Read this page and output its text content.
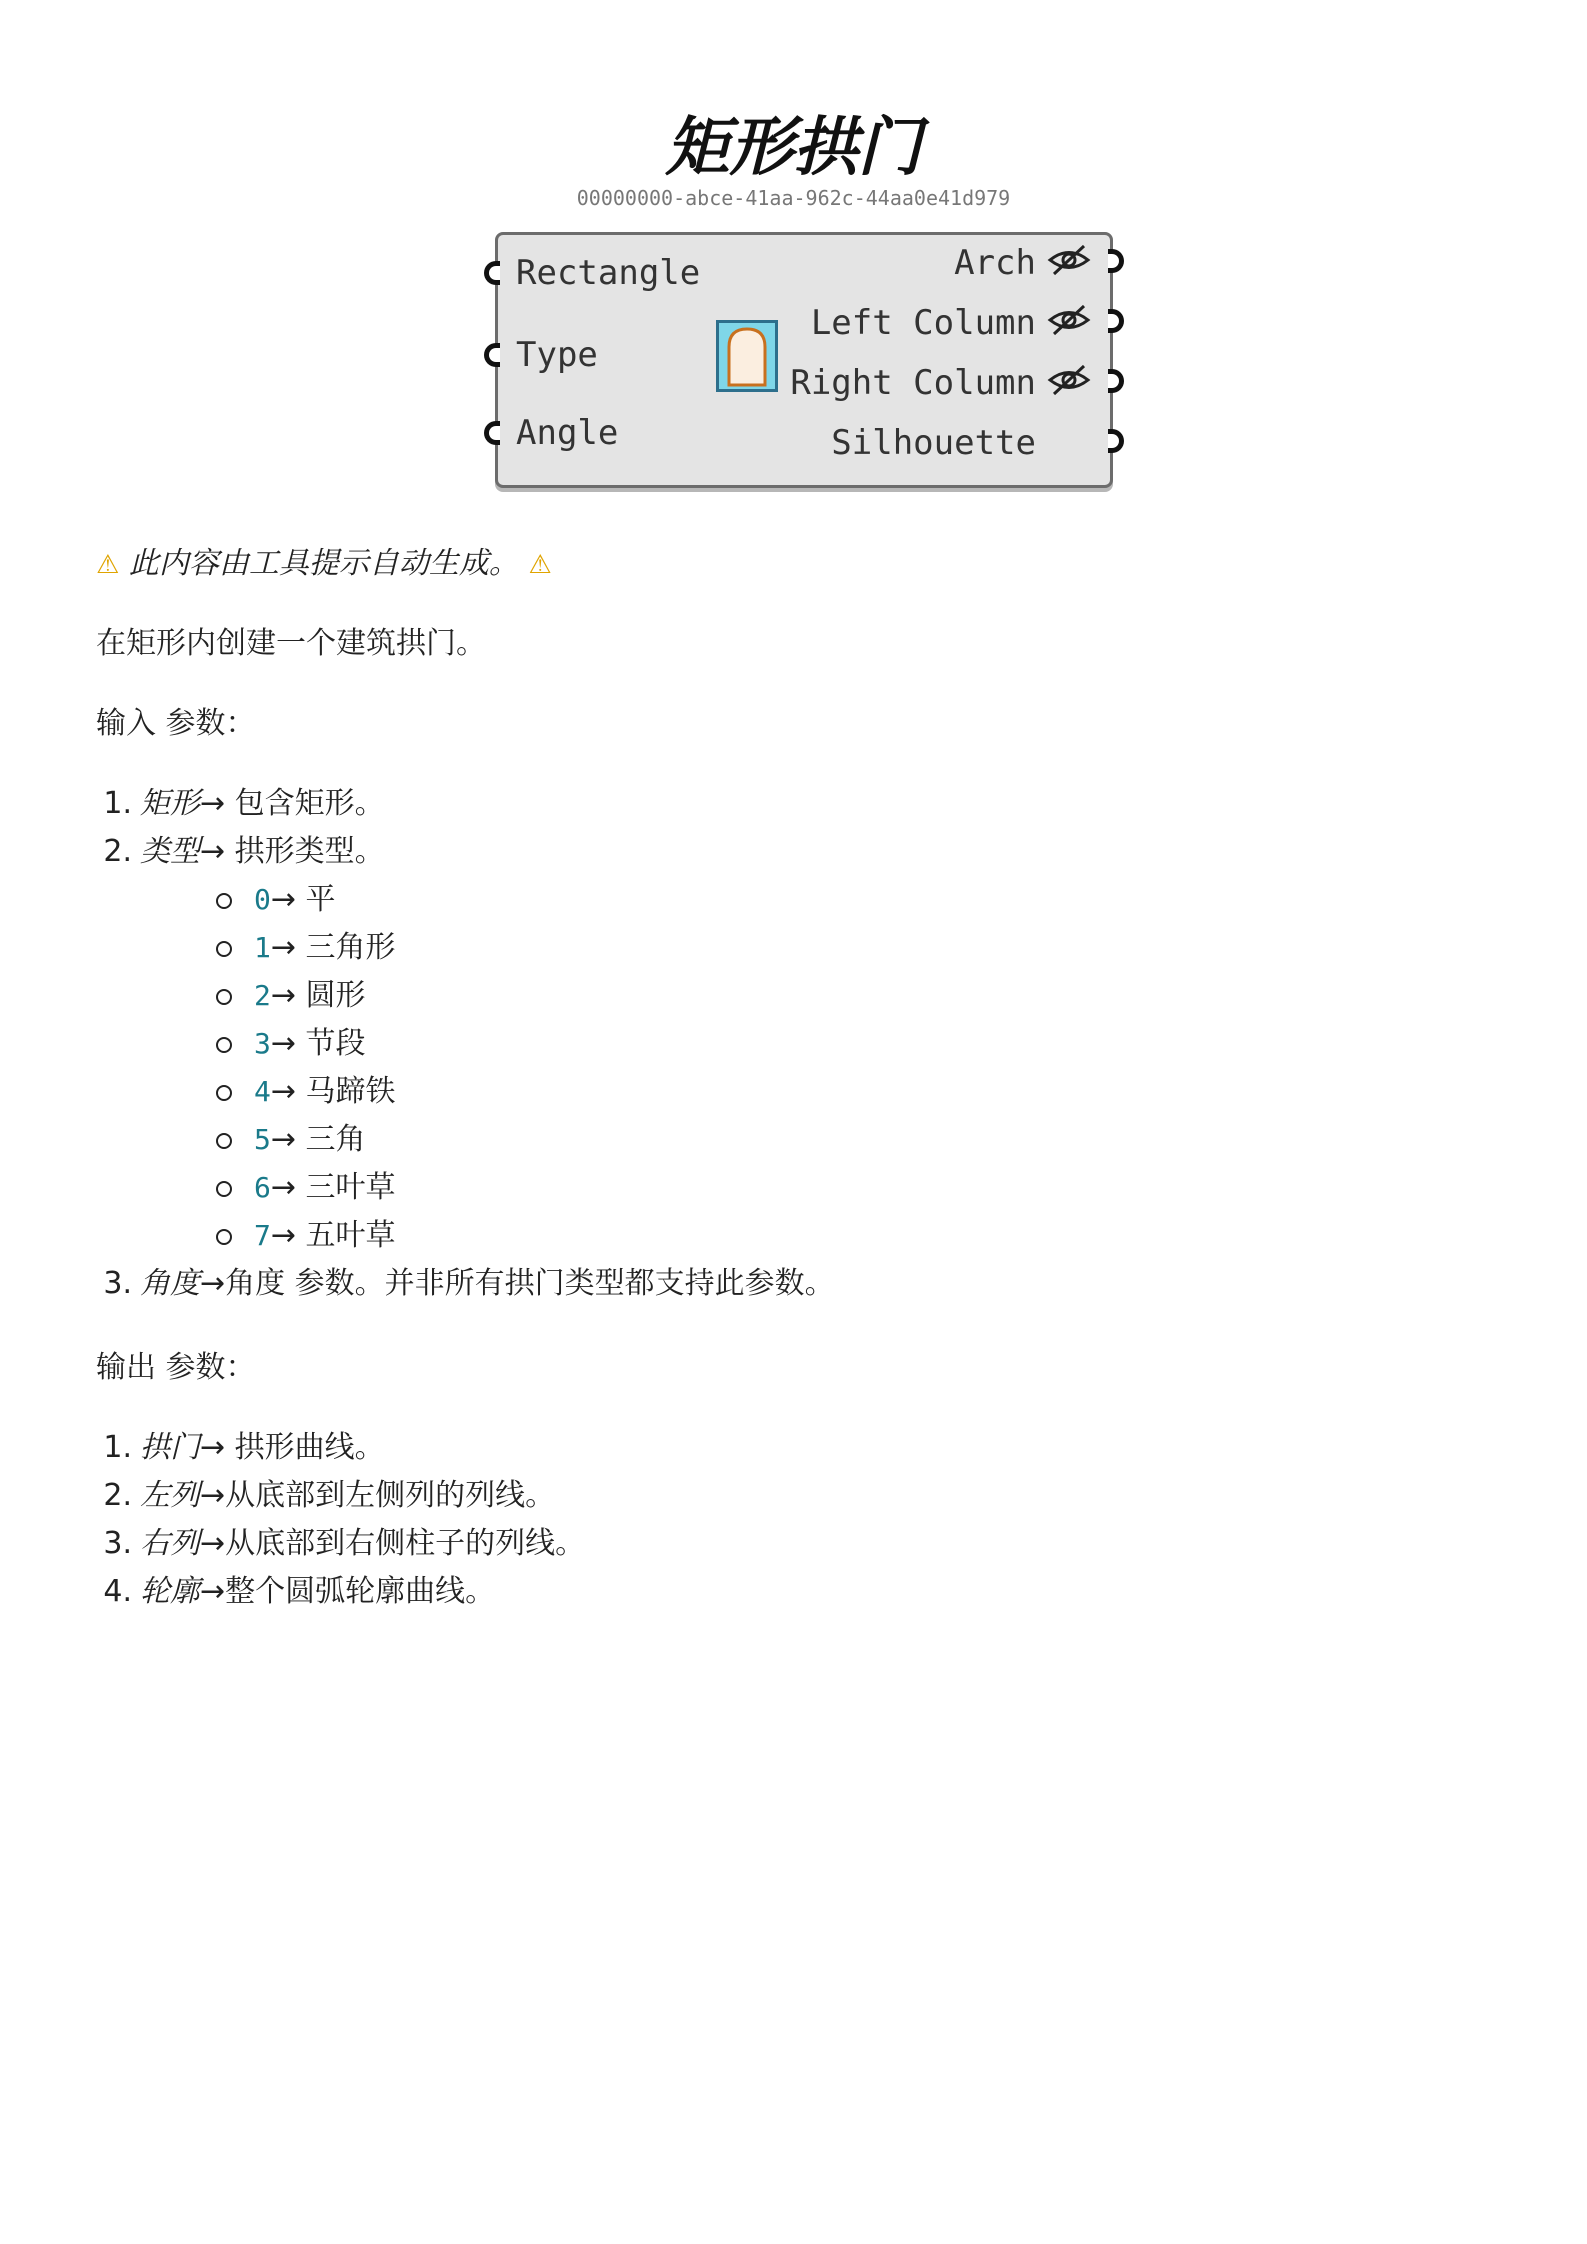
矩形拱门
00000000-abce-41aa-962c-44aa0e41d979
Rectangle
Type
Angle
Arch
Left Column
Right Column
Silhouette
⚠ 此内容由工具提示自动生成。 ⚠
在矩形内创建一个建筑拱门。
输入 参数：
1. 矩形→ 包含矩形。
2. 类型→ 拱形类型。
0→ 平
1→ 三角形
2→ 圆形
3→ 节段
4→ 马蹄铁
5→ 三角
6→ 三叶草
7→ 五叶草
3. 角度→角度 参数。并非所有拱门类型都支持此参数。
输出 参数：
1. 拱门→ 拱形曲线。
2. 左列→从底部到左侧列的列线。
3. 右列→从底部到右侧柱子的列线。
4. 轮廓→整个圆弧轮廓曲线。
